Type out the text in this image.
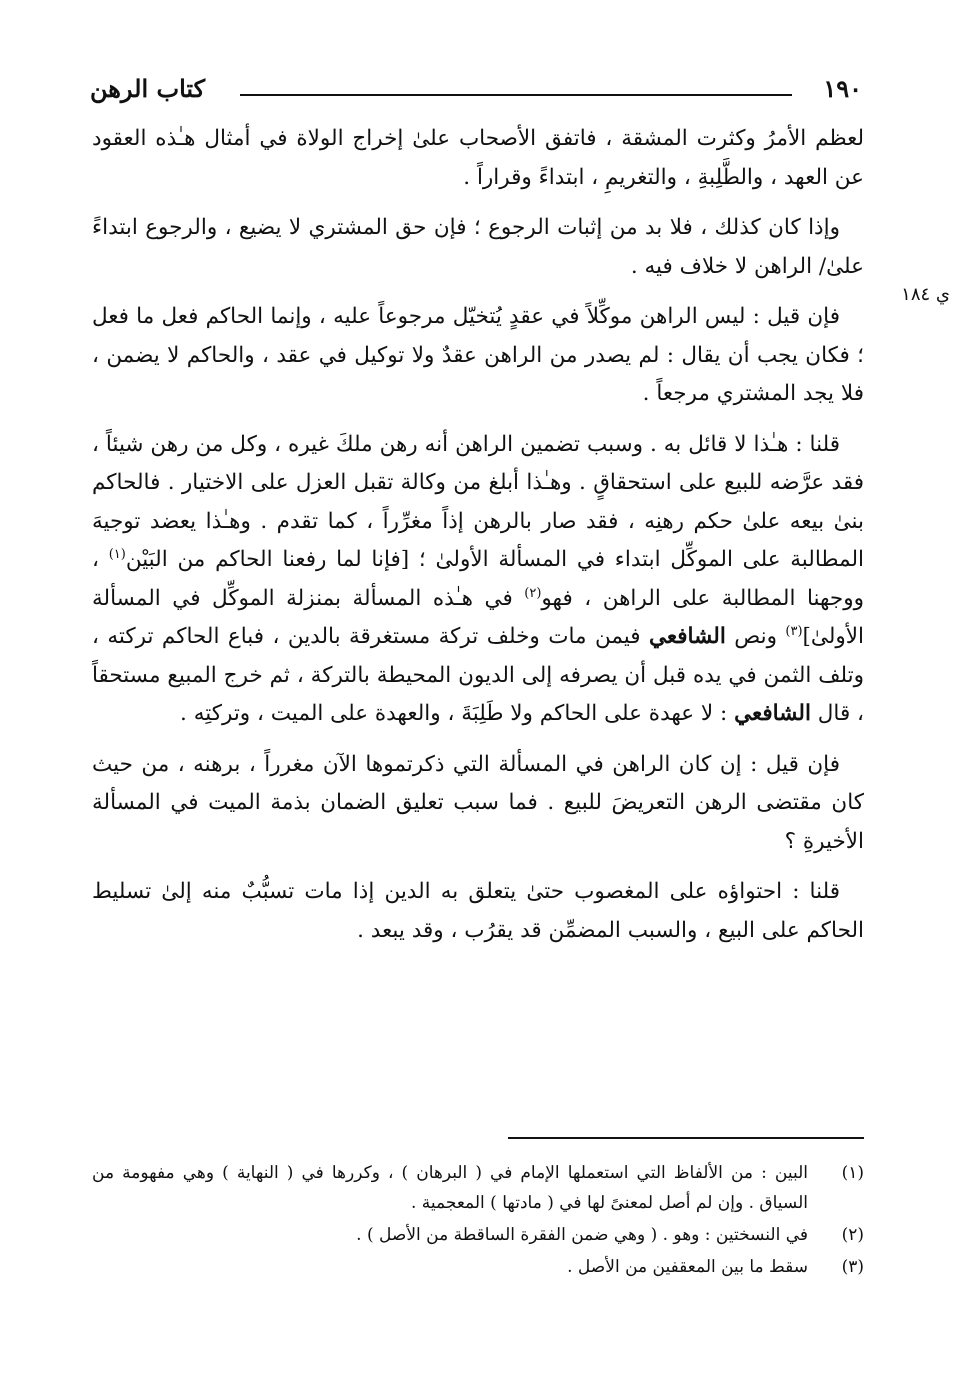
١٩٠
كتاب الرهن
ي ١٨٤

لعظم الأمرُ وكثرت المشقة ، فاتفق الأصحاب علىٰ إخراج الولاة في أمثال هـٰذه العقود عن العهد ، والطَّلِبةِ ، والتغريمِ ، ابتداءً وقراراً .

وإذا كان كذلك ، فلا بد من إثبات الرجوع ؛ فإن حق المشتري لا يضيع ، والرجوع ابتداءً علىٰ/ الراهن لا خلاف فيه .

فإن قيل : ليس الراهن موكِّلاً في عقدٍ يُتخيّل مرجوعاً عليه ، وإنما الحاكم فعل ما فعل ؛ فكان يجب أن يقال : لم يصدر من الراهن عقدٌ ولا توكيل في عقد ، والحاكم لا يضمن ، فلا يجد المشتري مرجعاً .

قلنا : هـٰذا لا قائل به . وسبب تضمين الراهن أنه رهن ملكَ غيره ، وكل من رهن شيئاً ، فقد عرَّضه للبيع على استحقاقٍ . وهـٰذا أبلغ من وكالة تقبل العزل على الاختيار . فالحاكم بنىٰ بيعه علىٰ حكم رهنِه ، فقد صار بالرهن إذاً مغرِّراً ، كما تقدم . وهـٰذا يعضد توجيهَ المطالبة على الموكِّل ابتداء في المسألة الأولىٰ ؛ [فإنا لما رفعنا الحاكم من البَيْن$^{(١)}$ ، ووجهنا المطالبة على الراهن ، فهو$^{(٢)}$ في هـٰذه المسألة بمنزلة الموكِّل في المسألة الأولىٰ]$^{(٣)}$ ونص الشافعي فيمن مات وخلف تركة مستغرقة بالدين ، فباع الحاكم تركته ، وتلف الثمن في يده قبل أن يصرفه إلى الديون المحيطة بالتركة ، ثم خرج المبيع مستحقاً ، قال الشافعي : لا عهدة على الحاكم ولا طَلِبَةَ ، والعهدة على الميت ، وتركتِه .

فإن قيل : إن كان الراهن في المسألة التي ذكرتموها الآن مغرراً ، برهنه ، من حيث كان مقتضى الرهن التعريضَ للبيع . فما سبب تعليق الضمان بذمة الميت في المسألة الأخيرةِ ؟

قلنا : احتواؤه على المغصوب حتىٰ يتعلق به الدين إذا مات تسبُّبٌ منه إلىٰ تسليط الحاكم على البيع ، والسبب المضمِّن قد يقرُب ، وقد يبعد .

(١)
البين : من الألفاظ التي استعملها الإمام في ( البرهان ) ، وكررها في ( النهاية ) وهي مفهومة من السياق . وإن لم أصل لمعنىً لها في ( مادتها ) المعجمية .
(٢)
في النسختين : وهو . ( وهي ضمن الفقرة الساقطة من الأصل ) .
(٣)
سقط ما بين المعقفين من الأصل .
